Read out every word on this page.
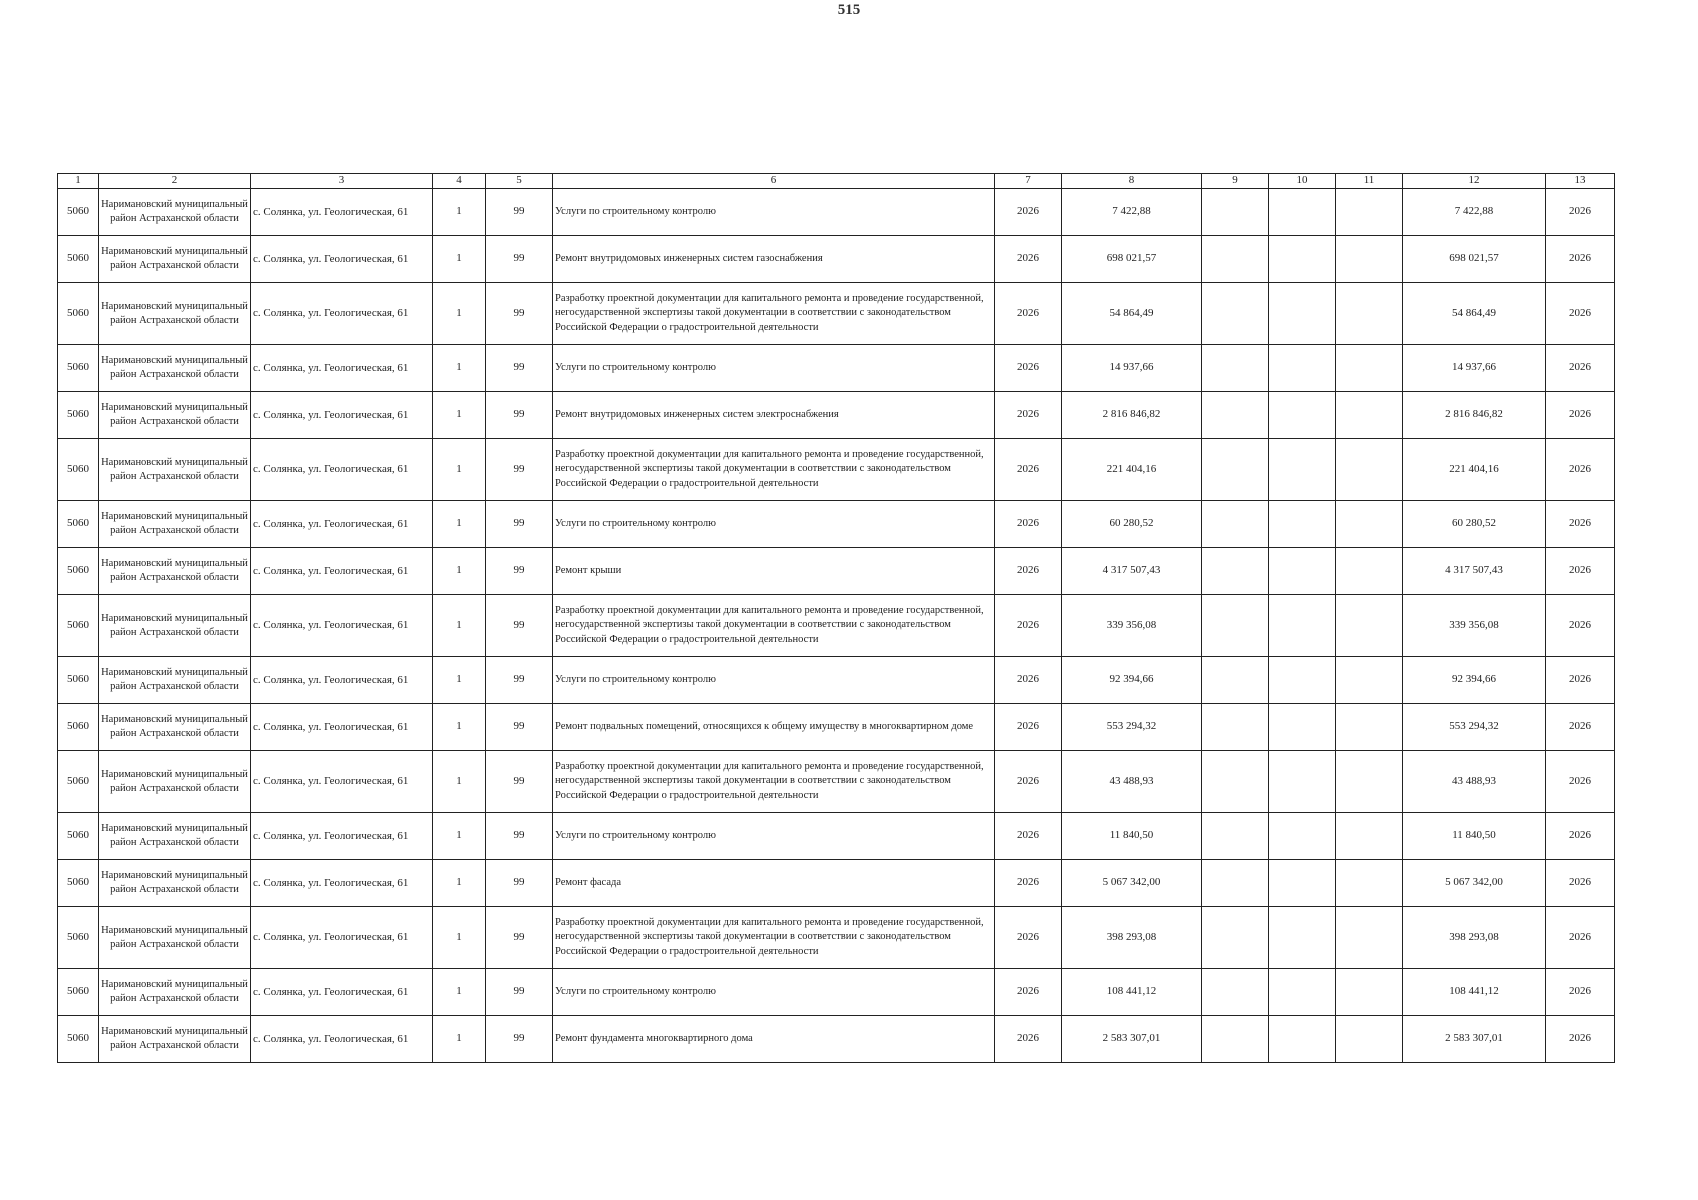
515
1	2	3	4	5	6	7	8	9	10	11	12	13
5060	Наримановский муниципальный район Астраханской области	с. Солянка, ул. Геологическая, 61	1	99	Услуги по строительному контролю	2026	7 422,88				7 422,88	2026
5060	Наримановский муниципальный район Астраханской области	с. Солянка, ул. Геологическая, 61	1	99	Ремонт внутридомовых инженерных систем газоснабжения	2026	698 021,57				698 021,57	2026
5060	Наримановский муниципальный район Астраханской области	с. Солянка, ул. Геологическая, 61	1	99	Разработку проектной документации для капитального ремонта и проведение государственной, негосударственной экспертизы такой документации в соответствии с законодательством Российской Федерации о градостроительной деятельности	2026	54 864,49				54 864,49	2026
5060	Наримановский муниципальный район Астраханской области	с. Солянка, ул. Геологическая, 61	1	99	Услуги по строительному контролю	2026	14 937,66				14 937,66	2026
5060	Наримановский муниципальный район Астраханской области	с. Солянка, ул. Геологическая, 61	1	99	Ремонт внутридомовых инженерных систем электроснабжения	2026	2 816 846,82				2 816 846,82	2026
5060	Наримановский муниципальный район Астраханской области	с. Солянка, ул. Геологическая, 61	1	99	Разработку проектной документации для капитального ремонта и проведение государственной, негосударственной экспертизы такой документации в соответствии с законодательством Российской Федерации о градостроительной деятельности	2026	221 404,16				221 404,16	2026
5060	Наримановский муниципальный район Астраханской области	с. Солянка, ул. Геологическая, 61	1	99	Услуги по строительному контролю	2026	60 280,52				60 280,52	2026
5060	Наримановский муниципальный район Астраханской области	с. Солянка, ул. Геологическая, 61	1	99	Ремонт крыши	2026	4 317 507,43				4 317 507,43	2026
5060	Наримановский муниципальный район Астраханской области	с. Солянка, ул. Геологическая, 61	1	99	Разработку проектной документации для капитального ремонта и проведение государственной, негосударственной экспертизы такой документации в соответствии с законодательством Российской Федерации о градостроительной деятельности	2026	339 356,08				339 356,08	2026
5060	Наримановский муниципальный район Астраханской области	с. Солянка, ул. Геологическая, 61	1	99	Услуги по строительному контролю	2026	92 394,66				92 394,66	2026
5060	Наримановский муниципальный район Астраханской области	с. Солянка, ул. Геологическая, 61	1	99	Ремонт подвальных помещений, относящихся к общему имуществу в многоквартирном доме	2026	553 294,32				553 294,32	2026
5060	Наримановский муниципальный район Астраханской области	с. Солянка, ул. Геологическая, 61	1	99	Разработку проектной документации для капитального ремонта и проведение государственной, негосударственной экспертизы такой документации в соответствии с законодательством Российской Федерации о градостроительной деятельности	2026	43 488,93				43 488,93	2026
5060	Наримановский муниципальный район Астраханской области	с. Солянка, ул. Геологическая, 61	1	99	Услуги по строительному контролю	2026	11 840,50				11 840,50	2026
5060	Наримановский муниципальный район Астраханской области	с. Солянка, ул. Геологическая, 61	1	99	Ремонт фасада	2026	5 067 342,00				5 067 342,00	2026
5060	Наримановский муниципальный район Астраханской области	с. Солянка, ул. Геологическая, 61	1	99	Разработку проектной документации для капитального ремонта и проведение государственной, негосударственной экспертизы такой документации в соответствии с законодательством Российской Федерации о градостроительной деятельности	2026	398 293,08				398 293,08	2026
5060	Наримановский муниципальный район Астраханской области	с. Солянка, ул. Геологическая, 61	1	99	Услуги по строительному контролю	2026	108 441,12				108 441,12	2026
5060	Наримановский муниципальный район Астраханской области	с. Солянка, ул. Геологическая, 61	1	99	Ремонт фундамента многоквартирного дома	2026	2 583 307,01				2 583 307,01	2026
